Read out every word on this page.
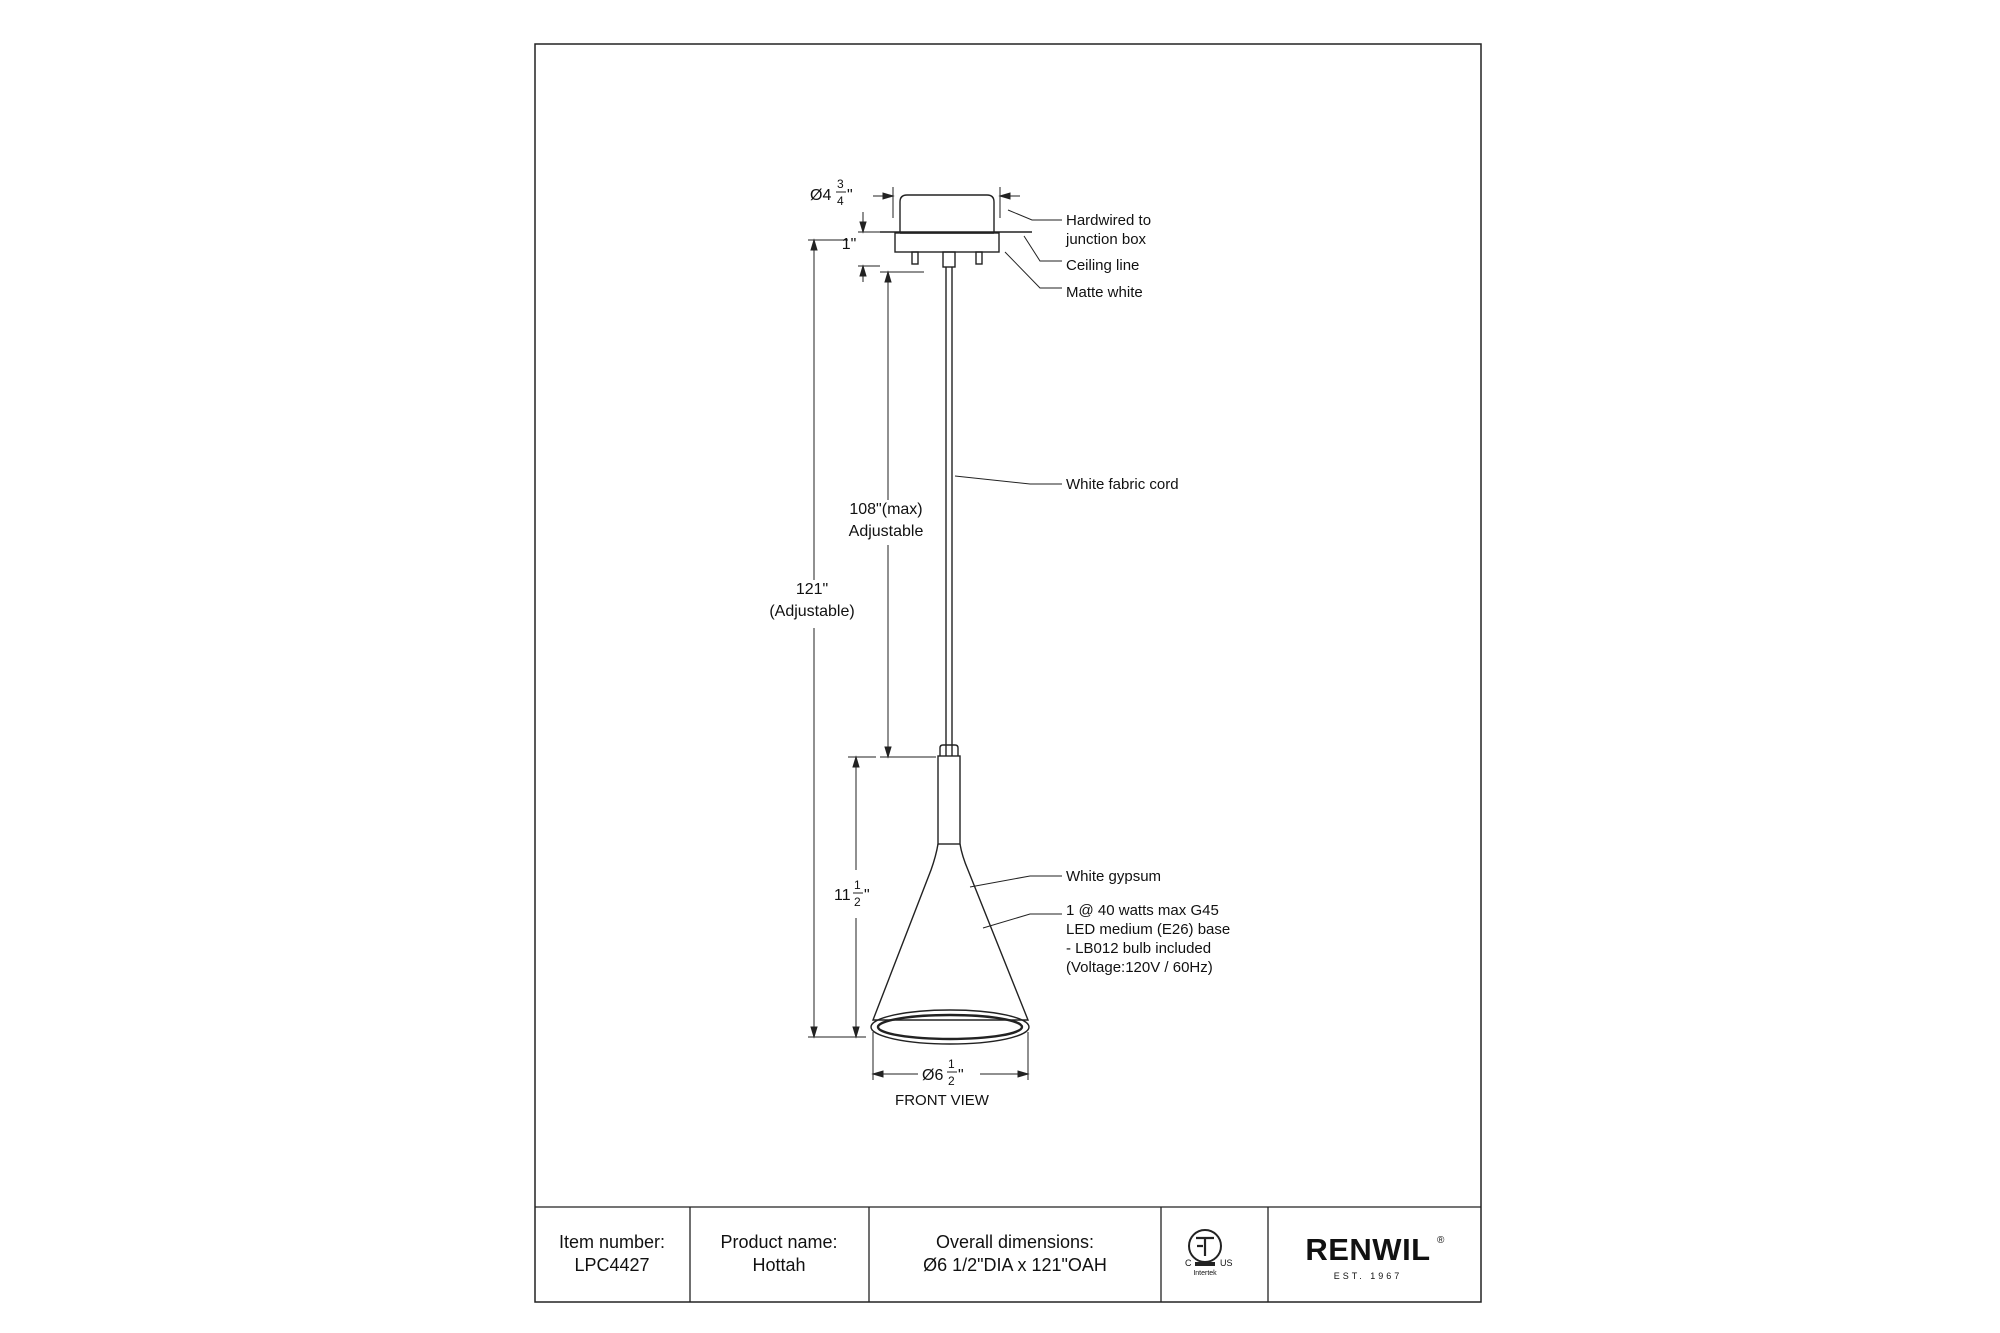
Hardwired to
junction box
Ceiling line
Matte white
White fabric cord
White gypsum
1 @ 40 watts max G45
LED medium (E26) base
- LB012 bulb included
(Voltage:120V / 60Hz)
Ø4
3
4 "
1"
108"(max)
Adjustable
121"
(Adjustable)
11
1
2 "
Ø6
1
2 "
FRONT VIEW
Item number:
LPC4427
Product name:
Hottah
Overall dimensions:
Ø6 1/2"DIA x 121"OAH	C	US
Intertek
RENWIL ®
EST. 1967
